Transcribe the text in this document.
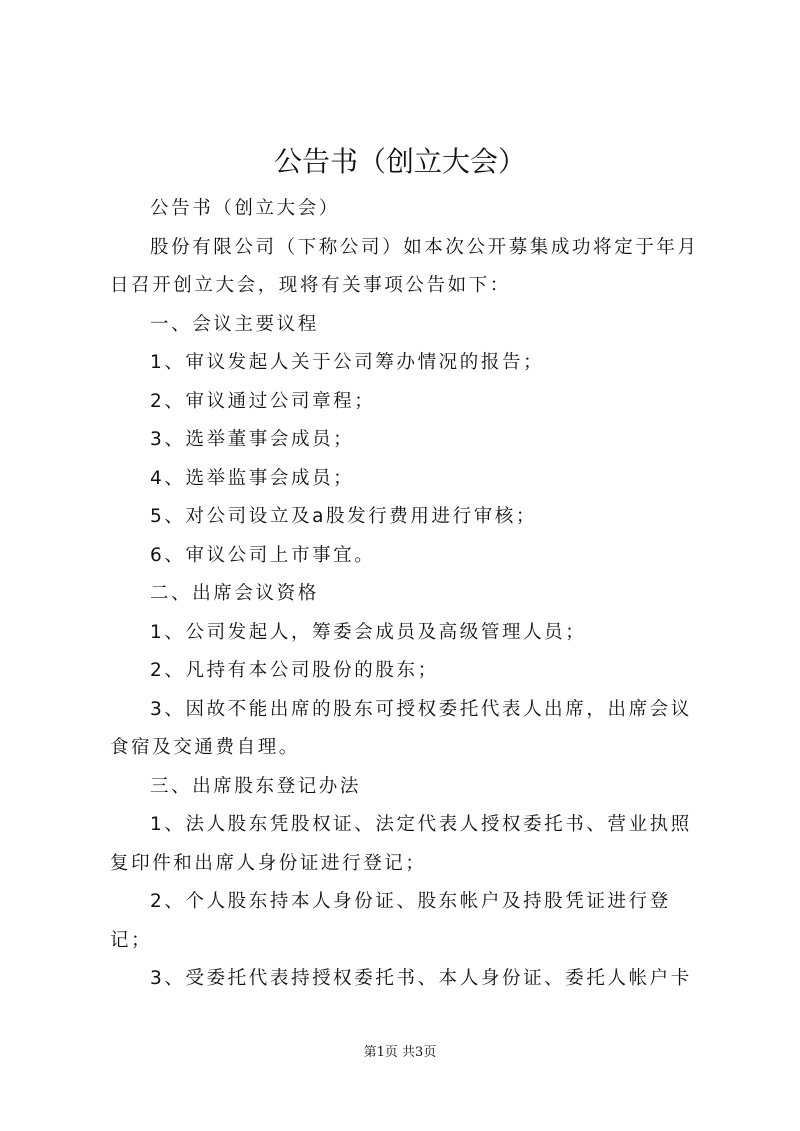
公告书（创立大会）

公告书（创立大会）

股份有限公司（下称公司）如本次公开募集成功将定于年月日召开创立大会，现将有关事项公告如下：

一、会议主要议程

1、审议发起人关于公司筹办情况的报告；

2、审议通过公司章程；

3、选举董事会成员；

4、选举监事会成员；

5、对公司设立及a股发行费用进行审核；

6、审议公司上市事宜。

二、出席会议资格

1、公司发起人，筹委会成员及高级管理人员；

2、凡持有本公司股份的股东；

3、因故不能出席的股东可授权委托代表人出席，出席会议食宿及交通费自理。

三、出席股东登记办法

1、法人股东凭股权证、法定代表人授权委托书、营业执照复印件和出席人身份证进行登记；

2、个人股东持本人身份证、股东帐户及持股凭证进行登记；

3、受委托代表持授权委托书、本人身份证、委托人帐户卡

第1页 共3页
